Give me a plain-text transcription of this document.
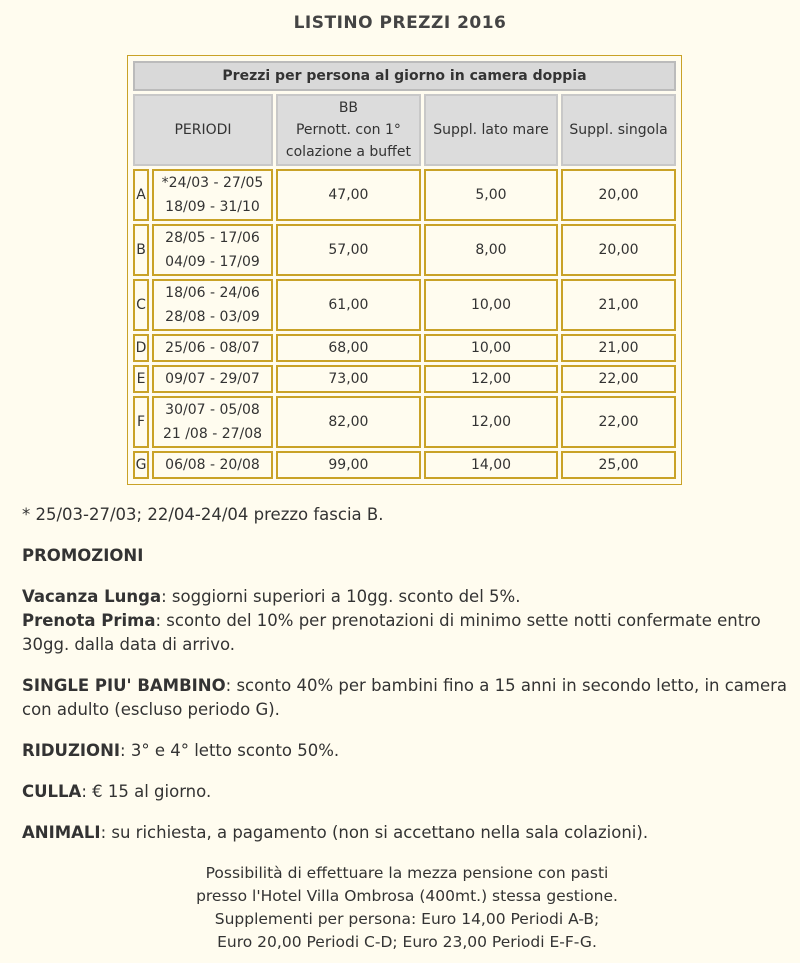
LISTINO PREZZI 2016
Prezzi per persona al giorno in camera doppia				
PERIODI		BB
Pernott. con 1°
colazione a buffet	Suppl. lato mare	Suppl. singola
A	*24/03 - 27/05
18/09 - 31/10	47,00	5,00	20,00
B	28/05 - 17/06
04/09 - 17/09	57,00	8,00	20,00
C	18/06 - 24/06
28/08 - 03/09	61,00	10,00	21,00
D	25/06 - 08/07	68,00	10,00	21,00
E	09/07 - 29/07	73,00	12,00	22,00
F	30/07 - 05/08
21 /08 - 27/08	82,00	12,00	22,00
G	06/08 - 20/08	99,00	14,00	25,00

* 25/03-27/03; 22/04-24/04 prezzo fascia B.

PROMOZIONI

Vacanza Lunga: soggiorni superiori a 10gg. sconto del 5%.

Prenota Prima: sconto del 10% per prenotazioni di minimo sette notti confermate entro 30gg. dalla data di arrivo.

SINGLE PIU' BAMBINO: sconto 40% per bambini fino a 15 anni in secondo letto, in camera con adulto (escluso periodo G).

RIDUZIONI: 3° e 4° letto sconto 50%.

CULLA: € 15 al giorno.

ANIMALI: su richiesta, a pagamento (non si accettano nella sala colazioni).

Possibilità di effettuare la mezza pensione con pasti
presso l'Hotel Villa Ombrosa (400mt.) stessa gestione.
Supplementi per persona: Euro 14,00 Periodi A-B;
Euro 20,00 Periodi C-D; Euro 23,00 Periodi E-F-G.
